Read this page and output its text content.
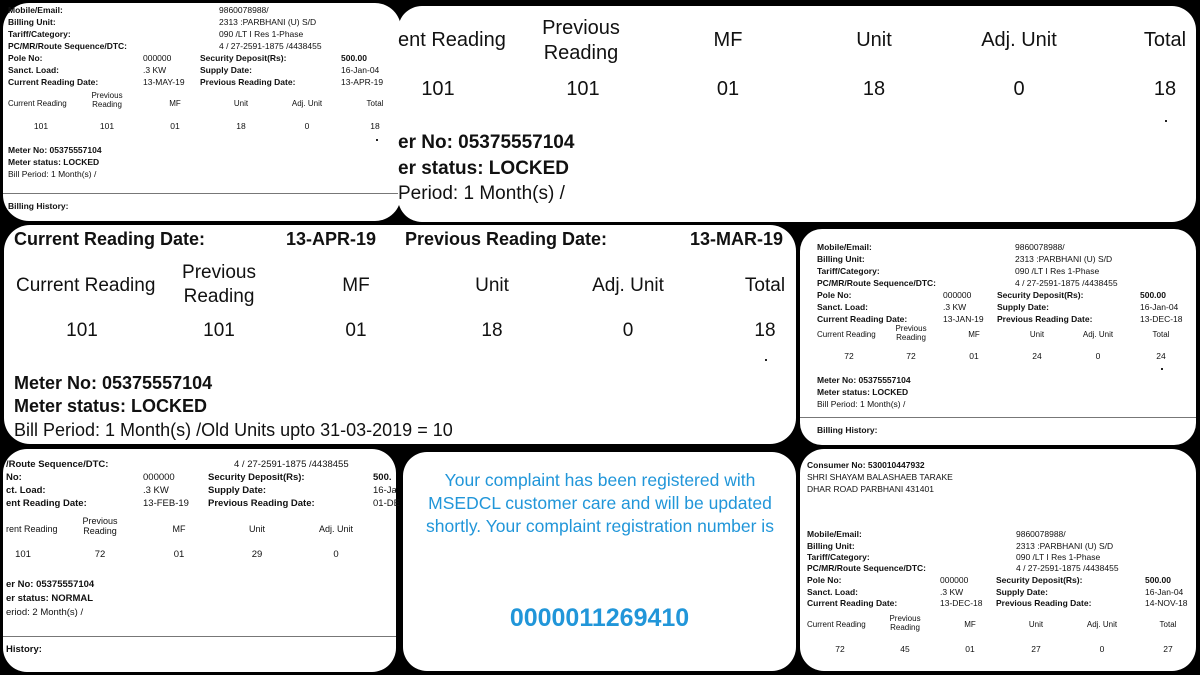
Mobile/Email:	9860078988/
Billing Unit:	2313 :PARBHANI (U) S/D
Tariff/Category:	090 /LT I Res 1-Phase
PC/MR/Route Sequence/DTC:	4 / 27-2591-1875 /4438455
Pole No:	000000	Security Deposit(Rs):	500.00
Sanct. Load:	.3 KW	Supply Date:	16-Jan-04
Current Reading Date:	13-MAY-19 Previous Reading Date:	13-APR-19
Current Reading
Previous Reading	MF	Unit	Adj. Unit	Total
101	101	01	18	0	18
Meter No: 05375557104
Meter status: LOCKED
Bill Period: 1 Month(s) /
Billing History:
ent Reading
Previous Reading
MF	Unit	Adj. Unit	Total
101	101	01	18	0	18
er No: 05375557104
er status: LOCKED
Period: 1 Month(s) /
Current Reading Date:	13-APR-19 Previous Reading Date:	13-MAR-19
Current Reading
Previous Reading
MF	Unit	Adj. Unit	Total
101	101	01	18	0	18
Meter No: 05375557104
Meter status: LOCKED
Bill Period: 1 Month(s) /Old Units upto 31-03-2019 = 10
Mobile/Email:	9860078988/
Billing Unit:	2313 :PARBHANI (U) S/D
Tariff/Category:	090 /LT I Res 1-Phase
PC/MR/Route Sequence/DTC:	4 / 27-2591-1875 /4438455
Pole No:	000000	Security Deposit(Rs):	500.00
Sanct. Load:	.3 KW	Supply Date:	16-Jan-04
Current Reading Date:	13-JAN-19 Previous Reading Date:	13-DEC-18
Current Reading
Previous Reading	MF	Unit	Adj. Unit	Total
72	72	01	24	0	24
Meter No: 05375557104
Meter status: LOCKED
Bill Period: 1 Month(s) /
Billing History:
/Route Sequence/DTC:	4 / 27-2591-1875 /4438455
No:	000000	Security Deposit(Rs):	500.
ct. Load:	.3 KW	Supply Date:	16-Ja
ent Reading Date:	13-FEB-19 Previous Reading Date:	01-DE
rent Reading
Previous Reading	MF	Unit	Adj. Unit
101	72	01	29	0
er No: 05375557104
er status: NORMAL
eriod: 2 Month(s) /
History:
Your complaint has been registered with MSEDCL customer care and will be updated shortly. Your complaint registration number is
0000011269410
Consumer No: 530010447932
SHRI SHAYAM BALASHAEB TARAKE
DHAR ROAD PARBHANI 431401
Mobile/Email:	9860078988/
Billing Unit:	2313 :PARBHANI (U) S/D
Tariff/Category:	090 /LT I Res 1-Phase
PC/MR/Route Sequence/DTC:	4 / 27-2591-1875 /4438455
Pole No:	000000	Security Deposit(Rs):	500.00
Sanct. Load:	.3 KW	Supply Date:	16-Jan-04
Current Reading Date:	13-DEC-18 Previous Reading Date:	14-NOV-18
Current Reading
Previous Reading	MF	Unit	Adj. Unit	Total
72	45	01	27	0	27
